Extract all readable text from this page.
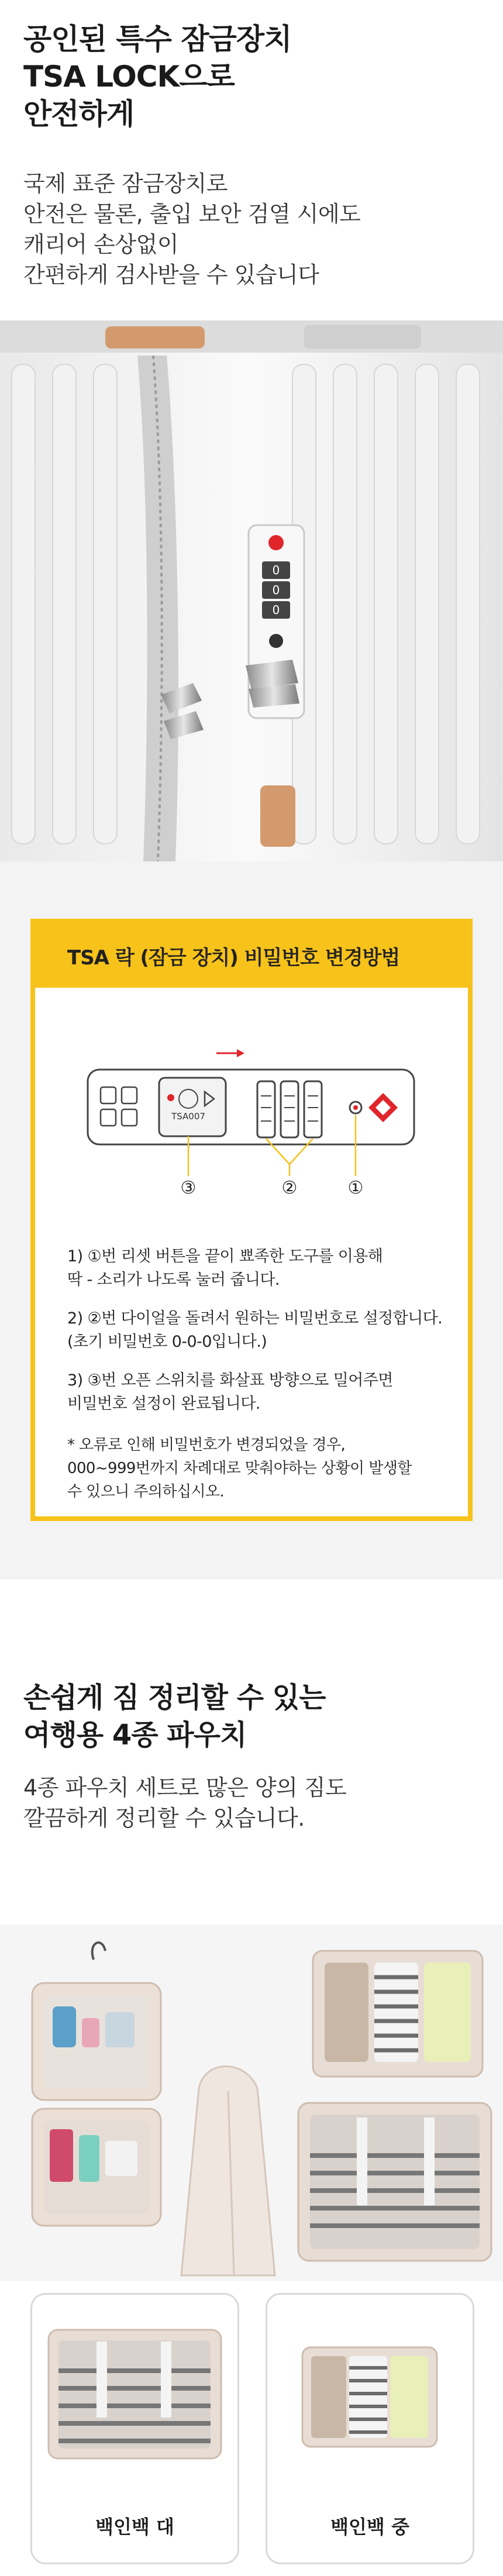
공인된 특수 잠금장치
TSA LOCK으로
안전하게
국제 표준 잠금장치로
안전은 물론, 출입 보안 검열 시에도
캐리어 손상없이
간편하게 검사받을 수 있습니다
0
0
0
TSA 락 (잠금 장치) 비밀번호 변경방법
TSA007
③	②	①
1) ①번 리셋 버튼을 끝이 뾰족한 도구를 이용해
딱 - 소리가 나도록 눌러 줍니다.
2) ②번 다이얼을 돌려서 원하는 비밀번호로 설정합니다.
(초기 비밀번호 0-0-0입니다.)
3) ③번 오픈 스위치를 화살표 방향으로 밀어주면
비밀번호 설정이 완료됩니다.
* 오류로 인해 비밀번호가 변경되었을 경우,
000~999번까지 차례대로 맞춰야하는 상황이 발생할
수 있으니 주의하십시오.
손쉽게 짐 정리할 수 있는
여행용 4종 파우치
4종 파우치 세트로 많은 양의 짐도
깔끔하게 정리할 수 있습니다.
백인백 대	백인백 중
